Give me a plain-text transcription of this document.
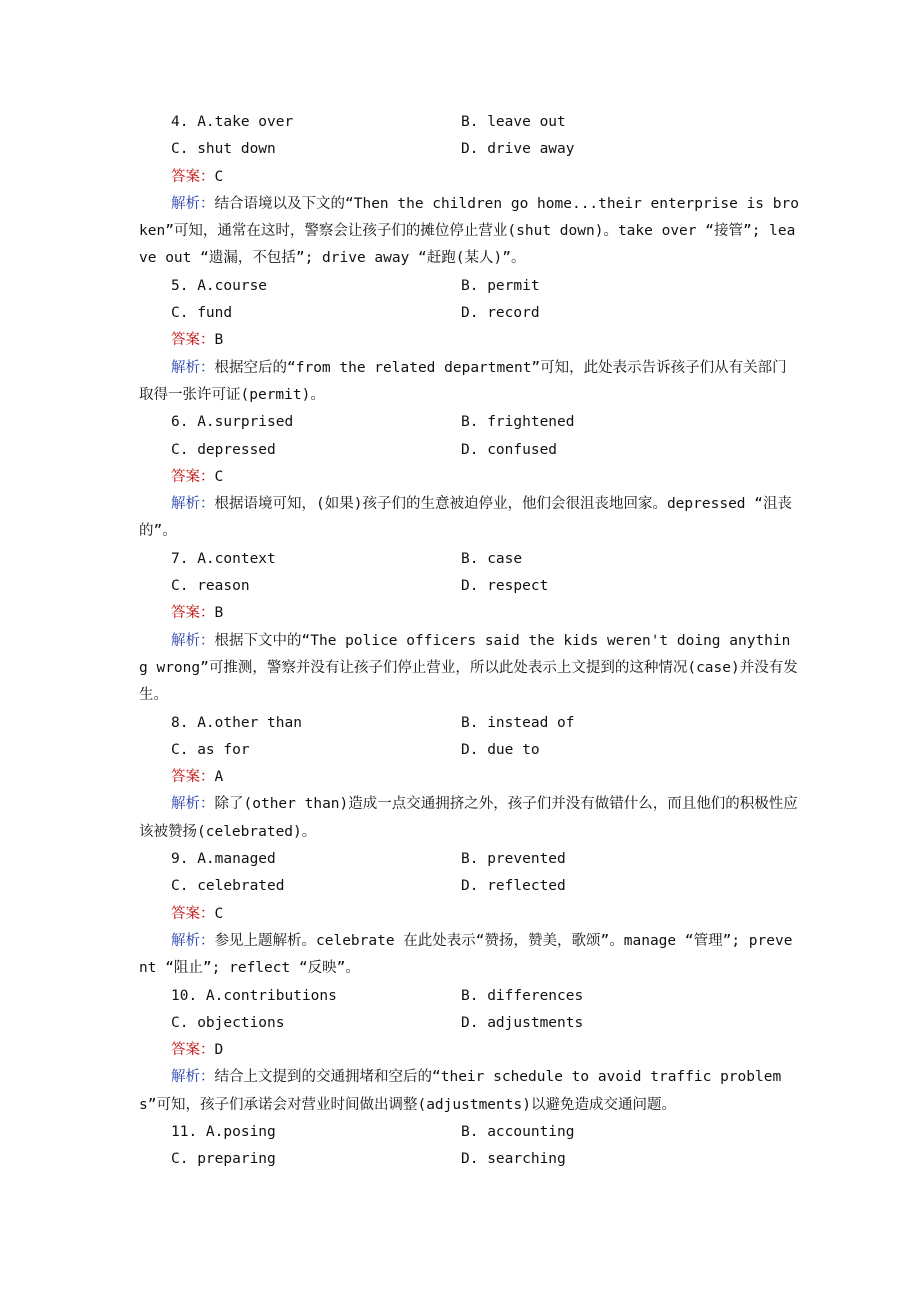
4. A.take over	B. leave out
C. shut down	D. drive away
答案： C
解析：结合语境以及下文的“Then the children go home...their enterprise is broken”可知，通常在这时，警察会让孩子们的摊位停止营业(shut down)。take over “接管”; leave out “遗漏，不包括”; drive away “赶跑(某人)”。
5. A.course	B. permit
C. fund	D. record
答案： B
解析：根据空后的“from the related department”可知，此处表示告诉孩子们从有关部门取得一张许可证(permit)。
6. A.surprised	B. frightened
C. depressed	D. confused
答案： C
解析：根据语境可知，(如果)孩子们的生意被迫停业，他们会很沮丧地回家。depressed “沮丧的”。
7. A.context	B. case
C. reason	D. respect
答案： B
解析：根据下文中的“The police officers said the kids weren't doing anything wrong”可推测，警察并没有让孩子们停止营业，所以此处表示上文提到的这种情况(case)并没有发生。
8. A.other than	B. instead of
C. as for	D. due to
答案： A
解析：除了(other than)造成一点交通拥挤之外，孩子们并没有做错什么，而且他们的积极性应该被赞扬(celebrated)。
9. A.managed	B. prevented
C. celebrated	D. reflected
答案： C
解析：参见上题解析。celebrate 在此处表示“赞扬，赞美，歌颂”。manage “管理”; prevent “阻止”; reflect “反映”。
10. A.contributions	B. differences
C. objections	D. adjustments
答案： D
解析：结合上文提到的交通拥堵和空后的“their schedule to avoid traffic problems”可知，孩子们承诺会对营业时间做出调整(adjustments)以避免造成交通问题。
11. A.posing	B. accounting
C. preparing	D. searching
